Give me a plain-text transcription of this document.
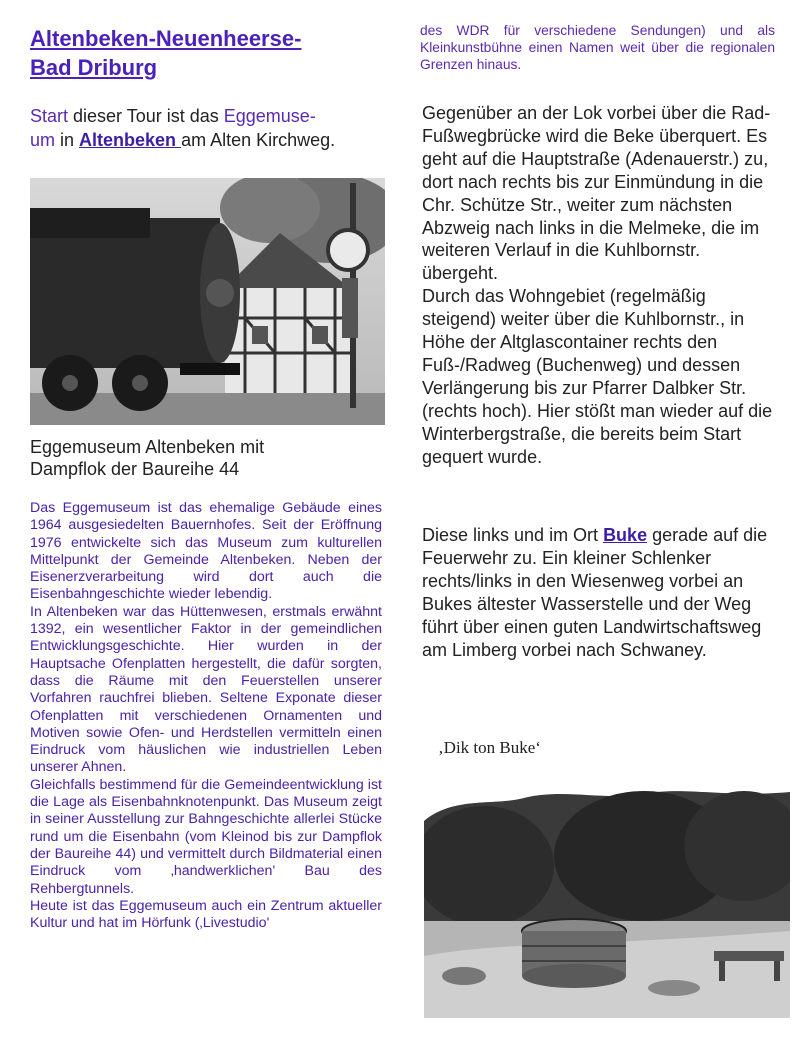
Altenbeken-Neuenheerse-
Bad Driburg
Start dieser Tour ist das Eggemuse-
um in Altenbeken am Alten Kirchweg.
Eggemuseum Altenbeken mit
Dampflok der Baureihe 44

Das Eggemuseum ist das ehemalige Gebäude eines 1964 ausgesiedelten Bauernhofes. Seit der Eröffnung 1976 entwickelte sich das Museum zum kulturellen Mittelpunkt der Gemeinde Altenbeken. Neben der Eisenerzverarbeitung wird dort auch die Eisenbahngeschichte wieder lebendig.

In Altenbeken war das Hüttenwesen, erstmals erwähnt 1392, ein wesentlicher Faktor in der gemeindlichen Entwicklungsgeschichte. Hier wurden in der Hauptsache Ofenplatten hergestellt, die dafür sorgten, dass die Räume mit den Feuerstellen unserer Vorfahren rauchfrei blieben. Seltene Exponate dieser Ofenplatten mit verschiedenen Ornamenten und Motiven sowie Ofen- und Herdstellen vermitteln einen Eindruck vom häuslichen wie industriellen Leben unserer Ahnen.

Gleichfalls bestimmend für die Gemeindeentwicklung ist die Lage als Eisenbahnknotenpunkt. Das Museum zeigt in seiner Ausstellung zur Bahngeschichte allerlei Stücke rund um die Eisenbahn (vom Kleinod bis zur Dampflok der Baureihe 44) und vermittelt durch Bildmaterial einen Eindruck vom ‚handwerklichen' Bau des Rehbergtunnels.

Heute ist das Eggemuseum auch ein Zentrum aktueller Kultur und hat im Hörfunk (‚Livestudio'

des WDR für verschiedene Sendungen) und als Kleinkunstbühne einen Namen weit über die regionalen Grenzen hinaus.

Gegenüber an der Lok vorbei über die Rad-Fußwegbrücke wird die Beke überquert. Es geht auf die Hauptstraße (Adenauerstr.) zu, dort nach rechts bis zur Einmündung in die Chr. Schütze Str., weiter zum nächsten Abzweig nach links in die Melmeke, die im weiteren Verlauf in die Kuhlbornstr. übergeht.

Durch das Wohngebiet (regelmäßig steigend) weiter über die Kuhlbornstr., in Höhe der Altglascontainer rechts den Fuß-/Radweg (Buchenweg) und dessen Verlängerung bis zur Pfarrer Dalbker Str. (rechts hoch). Hier stößt man wieder auf die Winterbergstraße, die bereits beim Start gequert wurde.

Diese links und im Ort Buke gerade auf die Feuerwehr zu. Ein kleiner Schlenker rechts/links in den Wiesenweg vorbei an Bukes ältester Wasserstelle und der Weg führt über einen guten Landwirtschaftsweg am Limberg vorbei nach Schwaney.
‚Dik ton Buke‘
